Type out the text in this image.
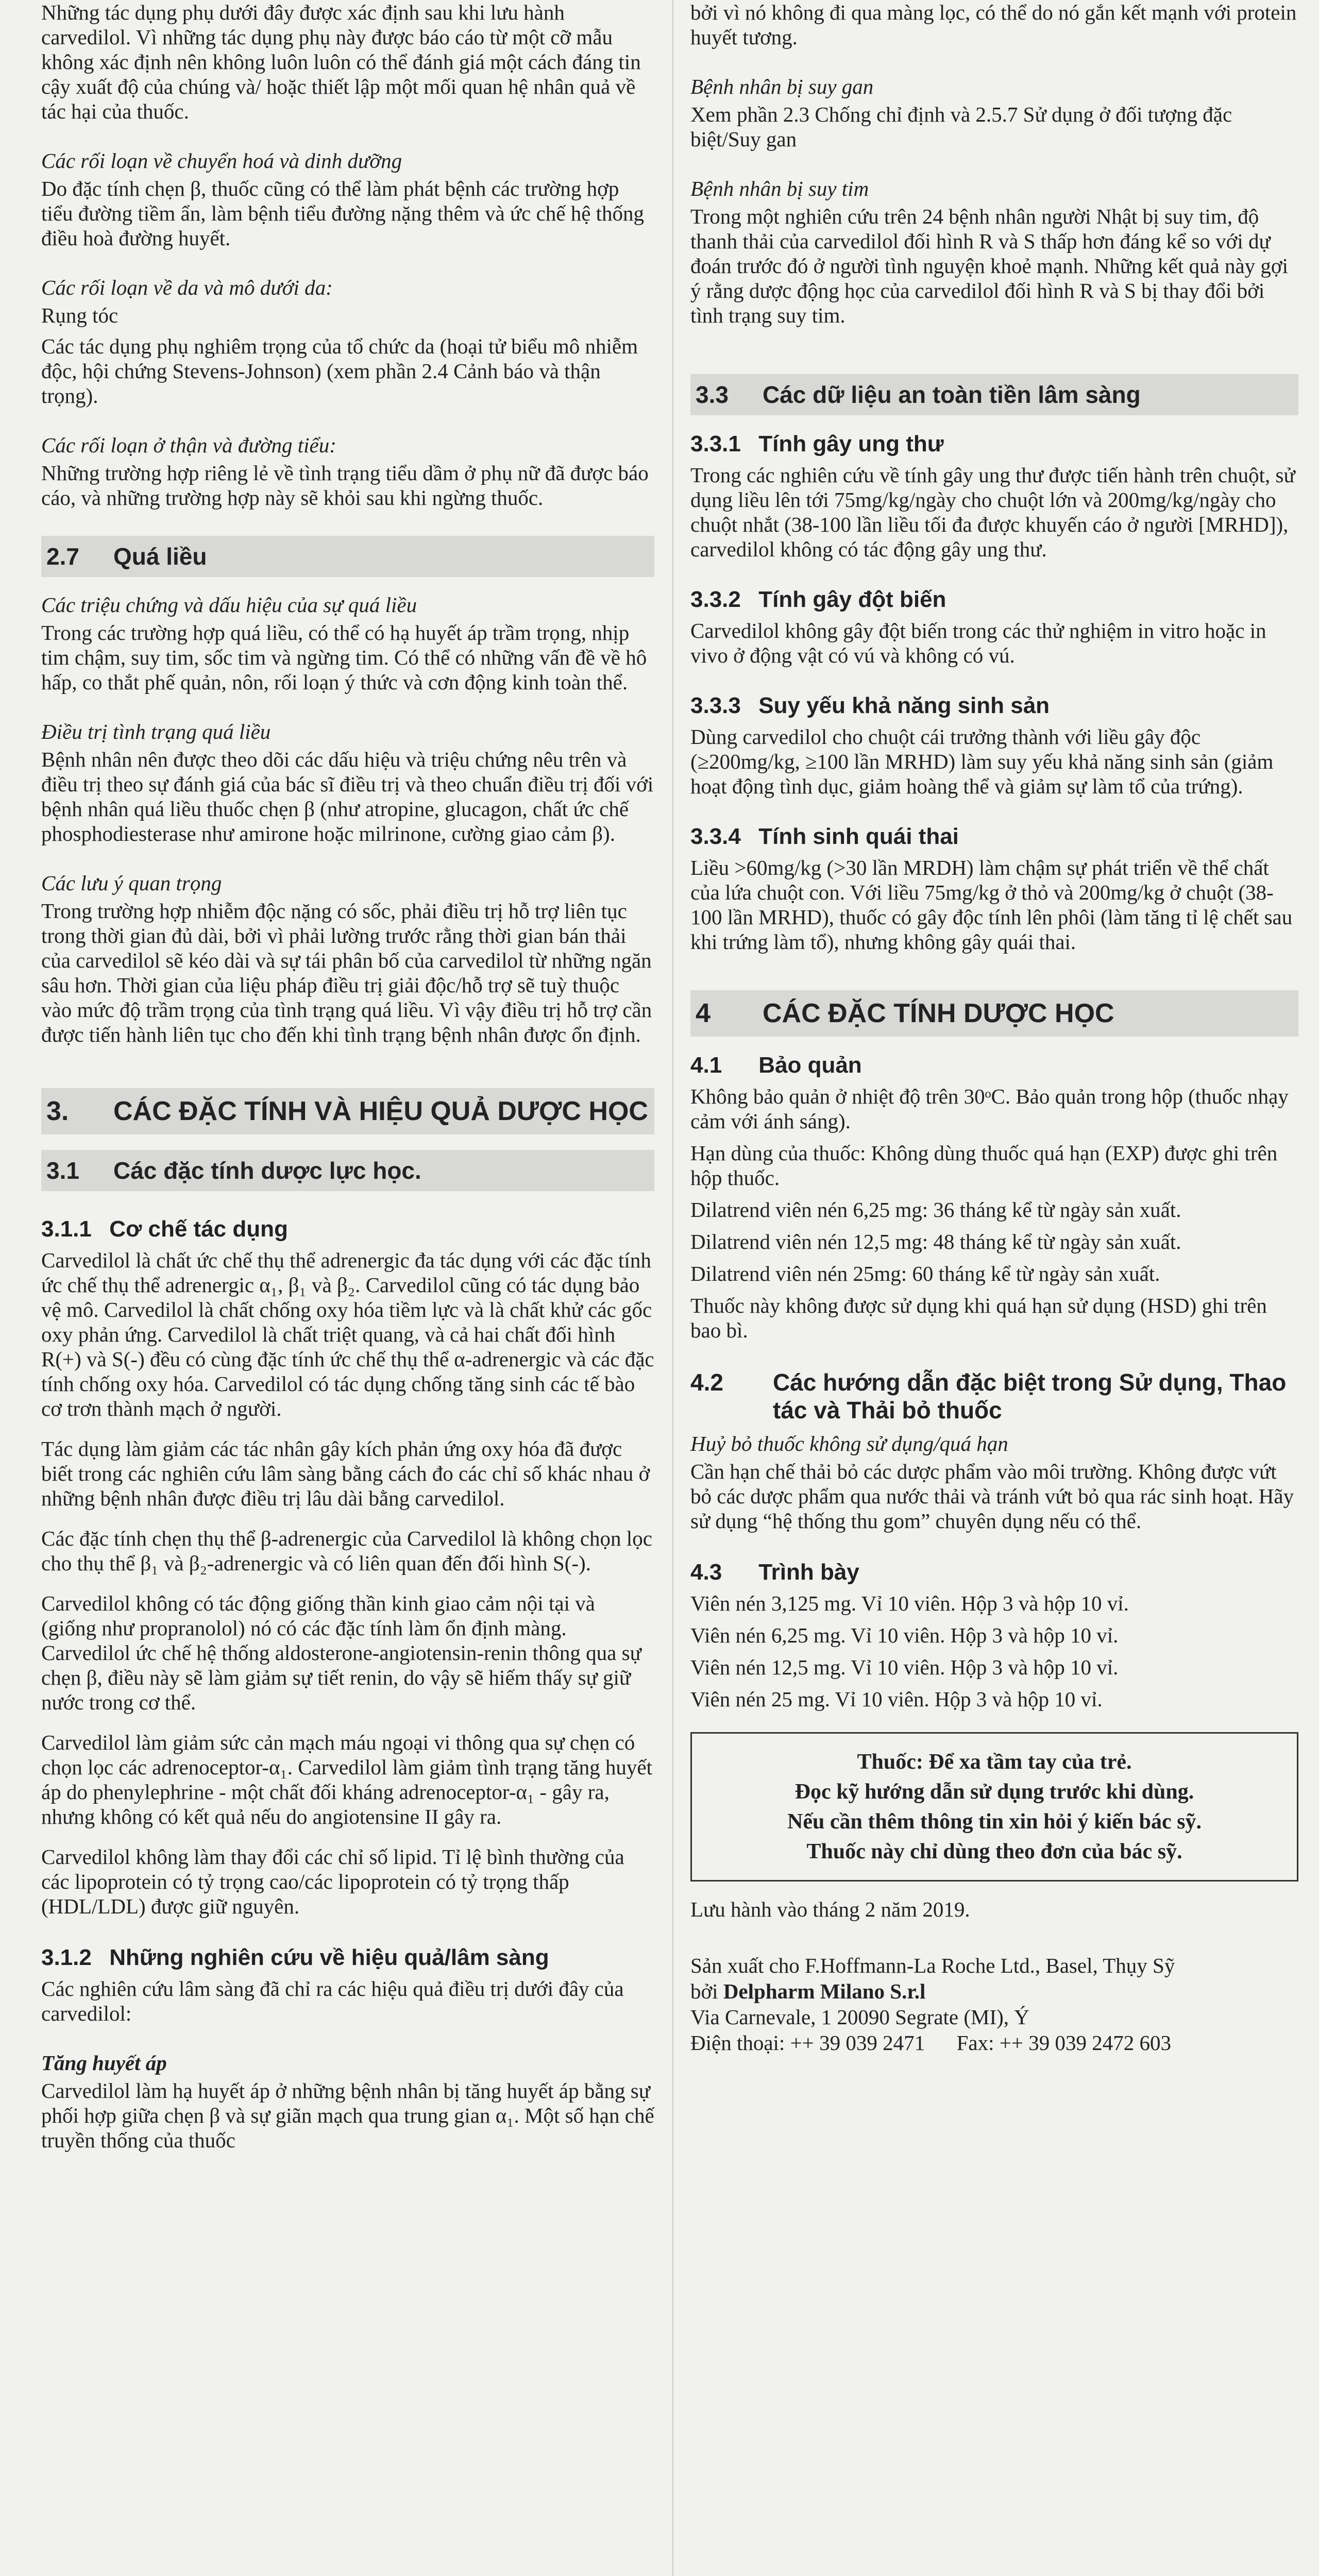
Những tác dụng phụ dưới đây được xác định sau khi lưu hành carvedilol. Vì những tác dụng phụ này được báo cáo từ một cỡ mẫu không xác định nên không luôn luôn có thể đánh giá một cách đáng tin cậy xuất độ của chúng và/ hoặc thiết lập một mối quan hệ nhân quả về tác hại của thuốc.

Các rối loạn về chuyển hoá và dinh dưỡng

Do đặc tính chẹn β, thuốc cũng có thể làm phát bệnh các trường hợp tiểu đường tiềm ẩn, làm bệnh tiểu đường nặng thêm và ức chế hệ thống điều hoà đường huyết.

Các rối loạn về da và mô dưới da:

Rụng tóc

Các tác dụng phụ nghiêm trọng của tổ chức da (hoại tử biểu mô nhiễm độc, hội chứng Stevens-Johnson) (xem phần 2.4 Cảnh báo và thận trọng).

Các rối loạn ở thận và đường tiểu:

Những trường hợp riêng lẻ về tình trạng tiểu dầm ở phụ nữ đã được báo cáo, và những trường hợp này sẽ khỏi sau khi ngừng thuốc.

2.7	Quá liều
Các triệu chứng và dấu hiệu của sự quá liều

Trong các trường hợp quá liều, có thể có hạ huyết áp trầm trọng, nhịp tim chậm, suy tim, sốc tim và ngừng tim. Có thể có những vấn đề về hô hấp, co thắt phế quản, nôn, rối loạn ý thức và cơn động kinh toàn thể.

Điều trị tình trạng quá liều

Bệnh nhân nên được theo dõi các dấu hiệu và triệu chứng nêu trên và điều trị theo sự đánh giá của bác sĩ điều trị và theo chuẩn điều trị đối với bệnh nhân quá liều thuốc chẹn β (như atropine, glucagon, chất ức chế phosphodiesterase như amirone hoặc milrinone, cường giao cảm β).

Các lưu ý quan trọng

Trong trường hợp nhiễm độc nặng có sốc, phải điều trị hỗ trợ liên tục trong thời gian đủ dài, bởi vì phải lường trước rằng thời gian bán thải của carvedilol sẽ kéo dài và sự tái phân bố của carvedilol từ những ngăn sâu hơn. Thời gian của liệu pháp điều trị giải độc/hỗ trợ sẽ tuỳ thuộc vào mức độ trầm trọng của tình trạng quá liều. Vì vậy điều trị hỗ trợ cần được tiến hành liên tục cho đến khi tình trạng bệnh nhân được ổn định.

3.	CÁC ĐẶC TÍNH VÀ HIỆU QUẢ DƯỢC HỌC
3.1	Các đặc tính dược lực học.
3.1.1 Cơ chế tác dụng

Carvedilol là chất ức chế thụ thể adrenergic đa tác dụng với các đặc tính ức chế thụ thể adrenergic α₁, β₁ và β₂. Carvedilol cũng có tác dụng bảo vệ mô. Carvedilol là chất chống oxy hóa tiềm lực và là chất khử các gốc oxy phản ứng. Carvedilol là chất triệt quang, và cả hai chất đối hình R(+) và S(-) đều có cùng đặc tính ức chế thụ thể α-adrenergic và các đặc tính chống oxy hóa. Carvedilol có tác dụng chống tăng sinh các tế bào cơ trơn thành mạch ở người.

Tác dụng làm giảm các tác nhân gây kích phản ứng oxy hóa đã được biết trong các nghiên cứu lâm sàng bằng cách đo các chỉ số khác nhau ở những bệnh nhân được điều trị lâu dài bằng carvedilol.

Các đặc tính chẹn thụ thể β-adrenergic của Carvedilol là không chọn lọc cho thụ thể β₁ và β₂-adrenergic và có liên quan đến đối hình S(-).

Carvedilol không có tác động giống thần kinh giao cảm nội tại và (giống như propranolol) nó có các đặc tính làm ổn định màng. Carvedilol ức chế hệ thống aldosterone-angiotensin-renin thông qua sự chẹn β, điều này sẽ làm giảm sự tiết renin, do vậy sẽ hiếm thấy sự giữ nước trong cơ thể.

Carvedilol làm giảm sức cản mạch máu ngoại vi thông qua sự chẹn có chọn lọc các adrenoceptor-α₁. Carvedilol làm giảm tình trạng tăng huyết áp do phenylephrine - một chất đối kháng adrenoceptor-α₁ - gây ra, nhưng không có kết quả nếu do angiotensine II gây ra.

Carvedilol không làm thay đổi các chỉ số lipid. Tỉ lệ bình thường của các lipoprotein có tỷ trọng cao/các lipoprotein có tỷ trọng thấp (HDL/LDL) được giữ nguyên.

3.1.2 Những nghiên cứu về hiệu quả/lâm sàng

Các nghiên cứu lâm sàng đã chỉ ra các hiệu quả điều trị dưới đây của carvedilol:

Tăng huyết áp

Carvedilol làm hạ huyết áp ở những bệnh nhân bị tăng huyết áp bằng sự phối hợp giữa chẹn β và sự giãn mạch qua trung gian α₁. Một số hạn chế truyền thống của thuốc

bởi vì nó không đi qua màng lọc, có thể do nó gắn kết mạnh với protein huyết tương.

Bệnh nhân bị suy gan

Xem phần 2.3 Chống chỉ định và 2.5.7 Sử dụng ở đối tượng đặc biệt/Suy gan

Bệnh nhân bị suy tim

Trong một nghiên cứu trên 24 bệnh nhân người Nhật bị suy tim, độ thanh thải của carvedilol đối hình R và S thấp hơn đáng kể so với dự đoán trước đó ở người tình nguyện khoẻ mạnh. Những kết quả này gợi ý rằng dược động học của carvedilol đối hình R và S bị thay đổi bởi tình trạng suy tim.

3.3	Các dữ liệu an toàn tiền lâm sàng
3.3.1 Tính gây ung thư

Trong các nghiên cứu về tính gây ung thư được tiến hành trên chuột, sử dụng liều lên tới 75mg/kg/ngày cho chuột lớn và 200mg/kg/ngày cho chuột nhắt (38-100 lần liều tối đa được khuyến cáo ở người [MRHD]), carvedilol không có tác động gây ung thư.

3.3.2 Tính gây đột biến

Carvedilol không gây đột biến trong các thử nghiệm in vitro hoặc in vivo ở động vật có vú và không có vú.

3.3.3 Suy yếu khả năng sinh sản

Dùng carvedilol cho chuột cái trưởng thành với liều gây độc (≥200mg/kg, ≥100 lần MRHD) làm suy yếu khả năng sinh sản (giảm hoạt động tình dục, giảm hoàng thể và giảm sự làm tổ của trứng).

3.3.4 Tính sinh quái thai

Liều >60mg/kg (>30 lần MRDH) làm chậm sự phát triển về thể chất của lứa chuột con. Với liều 75mg/kg ở thỏ và 200mg/kg ở chuột (38-100 lần MRHD), thuốc có gây độc tính lên phôi (làm tăng tỉ lệ chết sau khi trứng làm tổ), nhưng không gây quái thai.

4	CÁC ĐẶC TÍNH DƯỢC HỌC
4.1 Bảo quản

Không bảo quản ở nhiệt độ trên 30ᵒC. Bảo quản trong hộp (thuốc nhạy cảm với ánh sáng).

Hạn dùng của thuốc: Không dùng thuốc quá hạn (EXP) được ghi trên hộp thuốc.

Dilatrend viên nén 6,25 mg: 36 tháng kể từ ngày sản xuất.

Dilatrend viên nén 12,5 mg: 48 tháng kể từ ngày sản xuất.

Dilatrend viên nén 25mg: 60 tháng kể từ ngày sản xuất.

Thuốc này không được sử dụng khi quá hạn sử dụng (HSD) ghi trên bao bì.

4.2	Các hướng dẫn đặc biệt trong Sử dụng, Thao tác và Thải bỏ thuốc
Huỷ bỏ thuốc không sử dụng/quá hạn

Cần hạn chế thải bỏ các dược phẩm vào môi trường. Không được vứt bỏ các dược phẩm qua nước thải và tránh vứt bỏ qua rác sinh hoạt. Hãy sử dụng “hệ thống thu gom” chuyên dụng nếu có thể.

4.3 Trình bày

Viên nén 3,125 mg. Vỉ 10 viên. Hộp 3 và hộp 10 vỉ.

Viên nén 6,25 mg. Vỉ 10 viên. Hộp 3 và hộp 10 vỉ.

Viên nén 12,5 mg. Vỉ 10 viên. Hộp 3 và hộp 10 vỉ.

Viên nén 25 mg. Vỉ 10 viên. Hộp 3 và hộp 10 vỉ.

Thuốc: Để xa tầm tay của trẻ.
Đọc kỹ hướng dẫn sử dụng trước khi dùng.
Nếu cần thêm thông tin xin hỏi ý kiến bác sỹ.
Thuốc này chỉ dùng theo đơn của bác sỹ.

Lưu hành vào tháng 2 năm 2019.

Sản xuất cho F.Hoffmann-La Roche Ltd., Basel, Thụy Sỹ
bởi Delpharm Milano S.r.l
Via Carnevale, 1 20090 Segrate (MI), Ý
Điện thoại: ++ 39 039 2471      Fax: ++ 39 039 2472 603
